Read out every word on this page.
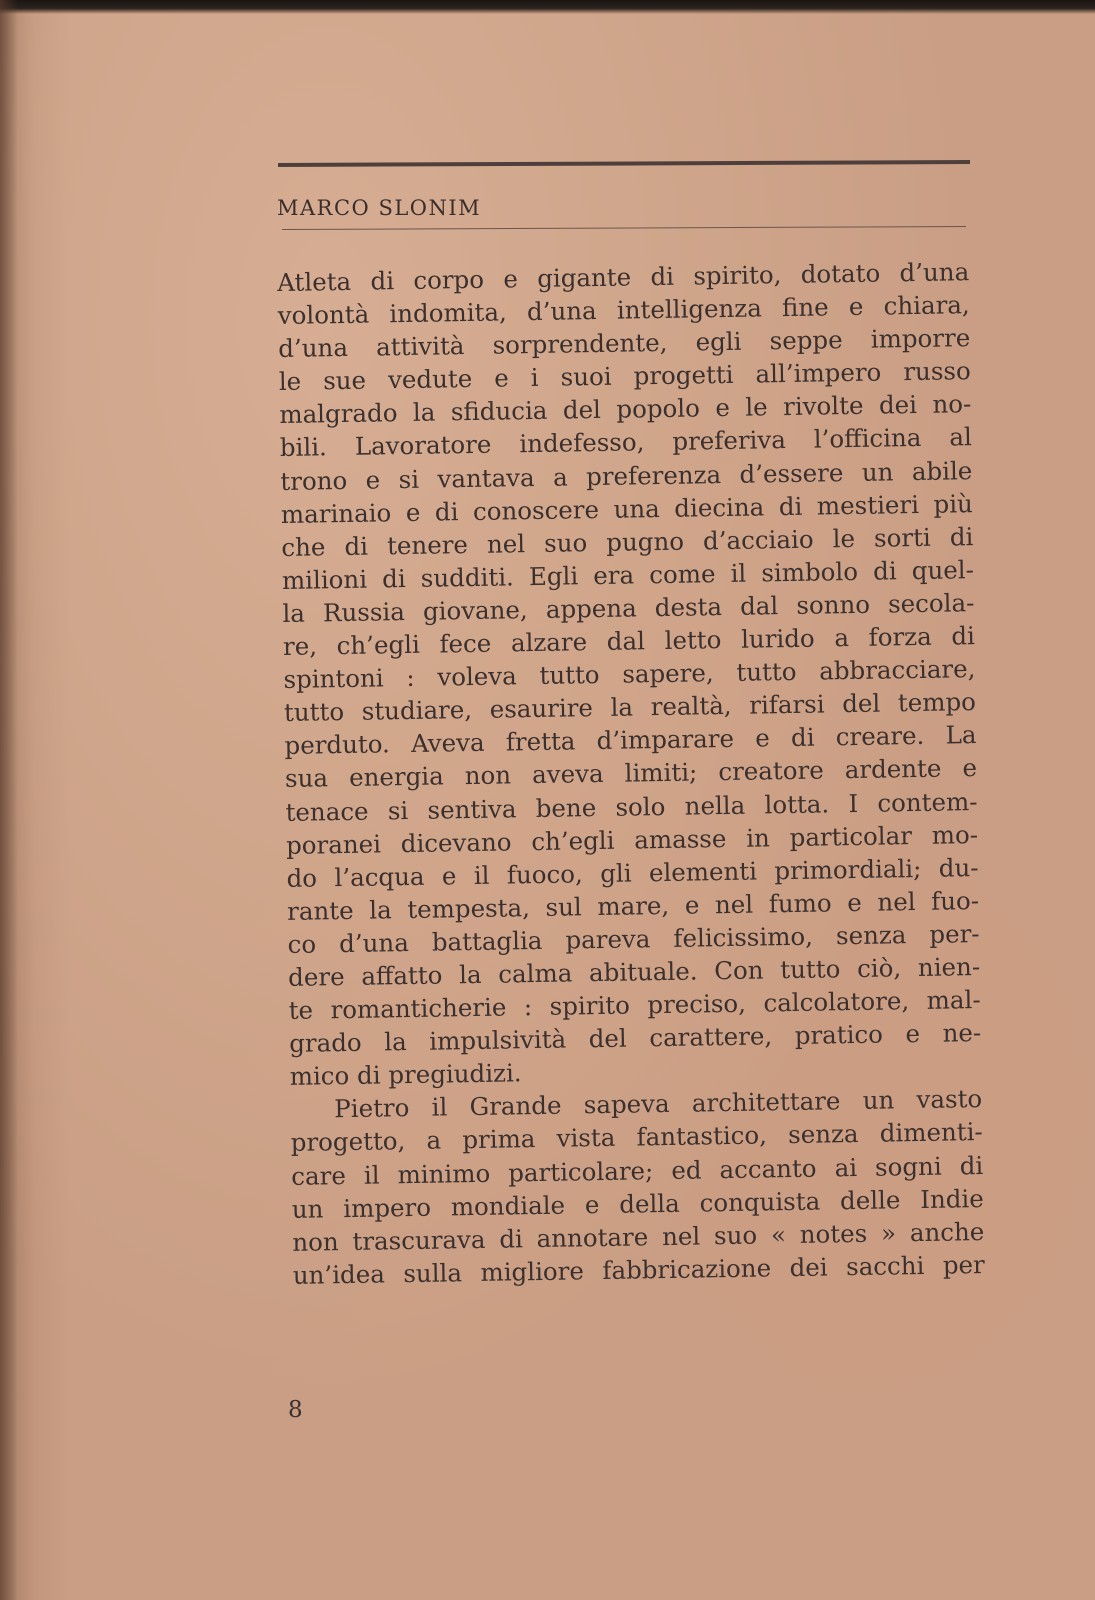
MARCO SLONIM
Atleta di corpo e gigante di spirito, dotato d’una
volontà indomita, d’una intelligenza fine e chiara,
d’una attività sorprendente, egli seppe imporre
le sue vedute e i suoi progetti all’impero russo
malgrado la sfiducia del popolo e le rivolte dei no-
bili. Lavoratore indefesso, preferiva l’officina al
trono e si vantava a preferenza d’essere un abile
marinaio e di conoscere una diecina di mestieri più
che di tenere nel suo pugno d’acciaio le sorti di
milioni di sudditi. Egli era come il simbolo di quel-
la Russia giovane, appena desta dal sonno secola-
re, ch’egli fece alzare dal letto lurido a forza di
spintoni : voleva tutto sapere, tutto abbracciare,
tutto studiare, esaurire la realtà, rifarsi del tempo
perduto. Aveva fretta d’imparare e di creare. La
sua energia non aveva limiti; creatore ardente e
tenace si sentiva bene solo nella lotta. I contem-
poranei dicevano ch’egli amasse in particolar mo-
do l’acqua e il fuoco, gli elementi primordiali; du-
rante la tempesta, sul mare, e nel fumo e nel fuo-
co d’una battaglia pareva felicissimo, senza per-
dere affatto la calma abituale. Con tutto ciò, nien-
te romanticherie : spirito preciso, calcolatore, mal-
grado la impulsività del carattere, pratico e ne-
mico di pregiudizi.
Pietro il Grande sapeva architettare un vasto
progetto, a prima vista fantastico, senza dimenti-
care il minimo particolare; ed accanto ai sogni di
un impero mondiale e della conquista delle Indie
non trascurava di annotare nel suo « notes » anche
un’idea sulla migliore fabbricazione dei sacchi per
8
